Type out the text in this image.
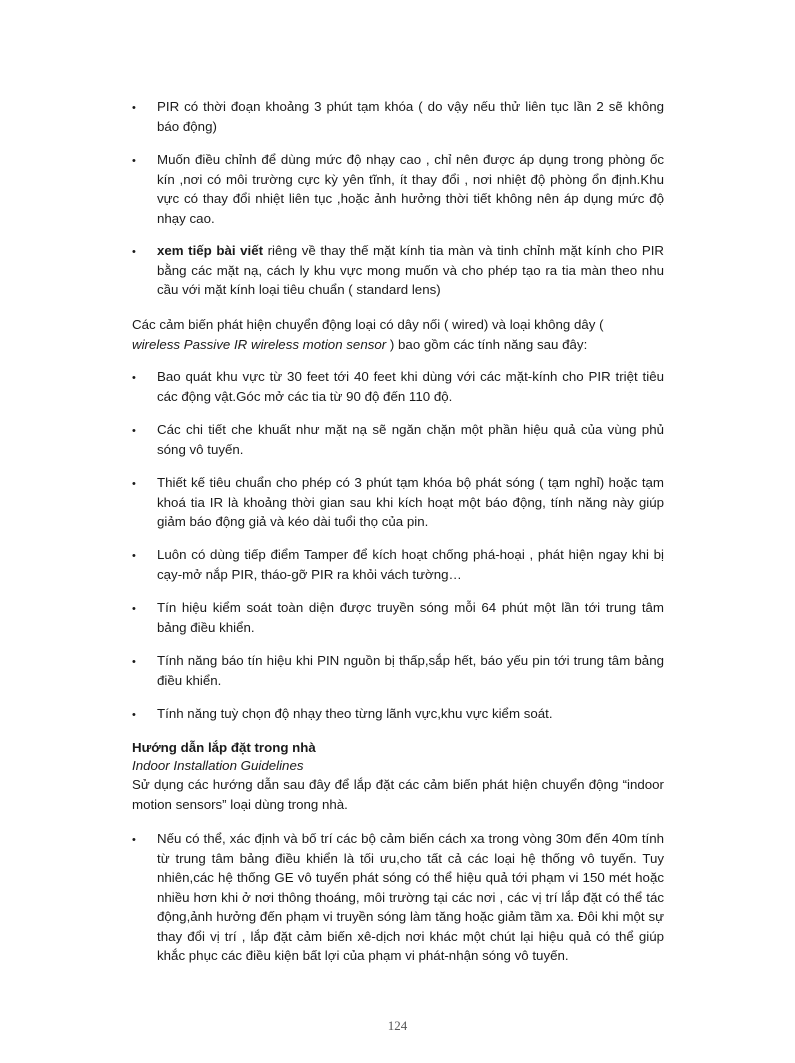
• PIR có thời đoạn khoảng 3 phút tạm khóa ( do vậy nếu thử liên tục lần 2 sẽ không báo động)
• Muốn điều chỉnh để dùng mức độ nhạy cao , chỉ nên được áp dụng trong phòng ốc kín ,nơi có môi trường cực kỳ yên tĩnh, ít thay đổi , nơi nhiệt độ phòng ổn định.Khu vực có thay đổi nhiệt liên tục ,hoặc ảnh hưởng thời tiết không nên áp dụng mức độ nhạy cao.
• xem tiếp bài viết riêng về thay thế mặt kính tia màn và tinh chỉnh mặt kính cho PIR bằng các mặt nạ, cách ly khu vực mong muốn và cho phép tạo ra tia màn theo nhu cầu với mặt kính loại tiêu chuẩn ( standard lens)
Các cảm biến phát hiện chuyển động loại có dây nối ( wired) và loại không dây (
wireless Passive IR wireless motion sensor ) bao gồm các tính năng sau đây:
• Bao quát khu vực từ 30 feet tới 40 feet khi dùng với các mặt-kính cho PIR triệt tiêu các động vật.Góc mở các tia từ 90 độ đến 110 độ.
• Các chi tiết che khuất như mặt nạ sẽ ngăn chặn một phần hiệu quả của vùng phủ sóng vô tuyến.
• Thiết kế tiêu chuẩn cho phép có 3 phút tạm khóa bộ phát sóng ( tạm nghỉ) hoặc tạm khoá tia IR là khoảng thời gian sau khi kích hoạt một báo động, tính năng này giúp giảm báo động giả và kéo dài tuổi thọ của pin.
• Luôn có dùng tiếp điểm Tamper để kích hoạt chống phá-hoại , phát hiện ngay khi bị cạy-mở nắp PIR, tháo-gỡ PIR ra khỏi vách tường…
• Tín hiệu kiểm soát toàn diện được truyền sóng mỗi 64 phút một lần tới trung tâm bảng điều khiển.
• Tính năng báo tín hiệu khi PIN nguồn bị thấp,sắp hết, báo yếu pin tới trung tâm bảng điều khiển.
• Tính năng tuỳ chọn độ nhạy theo từng lãnh vực,khu vực kiểm soát.
Hướng dẫn lắp đặt trong nhà
Indoor Installation Guidelines
Sử dụng các hướng dẫn sau đây để lắp đặt các cảm biến phát hiện chuyển động “indoor motion sensors” loại dùng trong nhà.
• Nếu có thể, xác định và bố trí các bộ cảm biến cách xa trong vòng 30m đến 40m tính từ trung tâm bảng điều khiển là tối ưu,cho tất cả các loại hệ thống vô tuyến. Tuy nhiên,các hệ thống GE vô tuyến phát sóng có thể hiệu quả tới phạm vi 150 mét hoặc nhiều hơn khi ở nơi thông thoáng, môi trường tại các nơi , các vị trí lắp đặt có thể tác động,ảnh hưởng đến phạm vi truyền sóng làm tăng hoặc giảm tầm xa. Đôi khi một sự thay đổi vị trí , lắp đặt cảm biến xê-dịch nơi khác một chút lại hiệu quả có thể giúp khắc phục các điều kiện bất lợi của phạm vi phát-nhận sóng vô tuyến.
124
